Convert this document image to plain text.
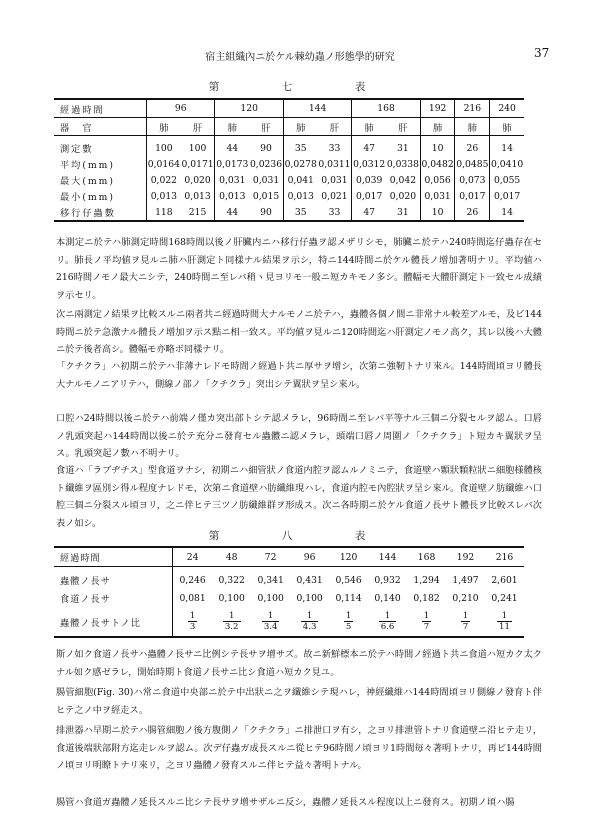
宿主組織內ニ於ケル棘幼蟲ノ形態學的研究	37
第　七　表
經過時間	96		120		144		168		192	216	240
器　官	肺	肝	肺	肝	肺	肝	肺	肝	肺	肺	肺

測定數	100	100	44	90	35	33	47	31	10	26	14
平均(mm)	0,0164	0,0171	0,0173	0,0236	0,0278	0,0311	0,0312	0,0338	0,0482	0,0485	0,0410
最大(mm)	0,022	0,020	0,031	0,031	0,041	0,031	0,039	0,042	0,056	0,073	0,055
最小(mm)	0,013	0,013	0,013	0,015	0,013	0,021	0,017	0,020	0,031	0,017	0,017
移行仔蟲數	118	215	44	90	35	33	47	31	10	26	14

本測定ニ於テハ肺測定時間168時間以後ノ肝臟内ニハ移行仔蟲ヲ認メザリシモ，肺臟ニ於テハ240時間迄仔蟲存在セリ。肺長ノ平均値ヲ見ルニ肺ハ肝測定ト同樣ナル結果ヲ示シ，特ニ144時間ニ於ケル體長ノ增加著明ナリ。平均値ハ216時間ノモノ最大ニシテ，240時間ニ至レバ稍ヽ見ヨリモ一般ニ短カキモノ多シ。體幅モ大體肝測定ト一致セル成績ヲ示セリ。

次ニ兩測定ノ結果ヲ比較スルニ兩者共ニ經過時間大ナルモノニ於テハ，蟲體各個ノ間ニ非常ナル較差アルモ，及ビ144時間ニ於テ急激ナル體長ノ增加ヲ示ス點ニ相一致ス。平均値ヲ見ルニ120時間迄ハ肝測定ノモノ高ク，其レ以後ハ大體ニ於テ後者高シ。體幅モ亦略ボ同樣ナリ。

「クチクラ」ハ初期ニ於テハ非薄ナレドモ時間ノ經過ト共ニ厚サヲ增シ，次第ニ強靭トナリ來ル。144時間頃ヨリ體長大ナルモノニアリテハ，側線ノ部ノ「クチクラ」突出シテ翼狀ヲ呈シ來ル。

口腔ハ24時間以後ニ於テハ前端ノ僅カ突出部トシテ認メラレ，96時間ニ至レバ平等ナル三個ニ分裂セルヲ認ム。口唇ノ乳頭突起ハ144時間以後ニ於テ充分ニ發育セル蟲體ニ認メラレ，頭端口唇ノ周圍ノ「クチクラ」ト短カキ翼狀ヲ呈ス。乳頭突起ノ數ハ不明ナリ。

食道ハ「ラブヂチス」型食道ヲナシ，初期ニハ細管狀ノ食道内腔ヲ認ムルノミニテ，食道壁ハ顆狀顆粒狀ニ細胞様體核ト纖維ヲ區別シ得ル程度ナレドモ，次第ニ食道壁ハ肪纖維現ハレ，食道内腔モ內腔狀ヲ呈シ來ル。食道壁ノ肪纖維ハ口腔三個ニ分裂スル頃ヨリ，之ニ伴ヒテ三ツノ肪纖維群ヲ形成ス。次ニ各時期ニ於ケル食道ノ長サト體長ヲ比較スレバ次表ノ如シ。

第　八　表
經過時間	24	48	72	96	120	144	168	192	216

蟲體ノ長サ	0,246	0,322	0,341	0,431	0,546	0,932	1,294	1,497	2,601
食道ノ長サ	0,081	0,100	0,100	0,100	0,114	0,140	0,182	0,210	0,241
蟲體ノ長サトノ比	$\frac{1}{3}$	$\frac{1}{3.2}$	$\frac{1}{3.4}$	$\frac{1}{4.3}$	$\frac{1}{5}$	$\frac{1}{6.6}$	$\frac{1}{7}$	$\frac{1}{7}$	$\frac{1}{11}$

斯ノ如ク食道ノ長サハ蟲體ノ長サニ比例シテ長サヲ增サズ。故ニ新鮮標本ニ於テハ時間ノ經過ト共ニ食道ハ短カク太クナル如ク感ゼラレ，開始時期ト食道ノ長サニ比シ食道ハ短カク見ユ。

腸管細胞(Fig. 30)ハ常ニ食道中央部ニ於テ中出狀ニ之ヲ纖維シテ現ハレ，神經纖維ハ144時間頃ヨリ側線ノ發育ト伴ヒテ之ノ中ヲ經走ス。

排泄器ハ早期ニ於テハ腸管細胞ノ後方腹側ノ「クチクラ」ニ排泄口ヲ有シ，之ヨリ排泄管トナリ食道壁ニ沿ヒテ走リ，食道後端狀部附方迄走レルヲ認ム。次デ仔蟲ガ成長スルニ從ヒテ96時間ノ頃ヨリ1時間毎々著明トナリ，再ビ144時間ノ頃ヨリ明瞭トナリ來リ，之ヨリ蟲體ノ發育スルニ伴ヒテ益々著明トナル。

腸管ハ食道ガ蟲體ノ延長スルニ比シテ長サヲ增サザルニ反シ，蟲體ノ延長スル程度以上ニ發育ス。初期ノ頃ハ腸
